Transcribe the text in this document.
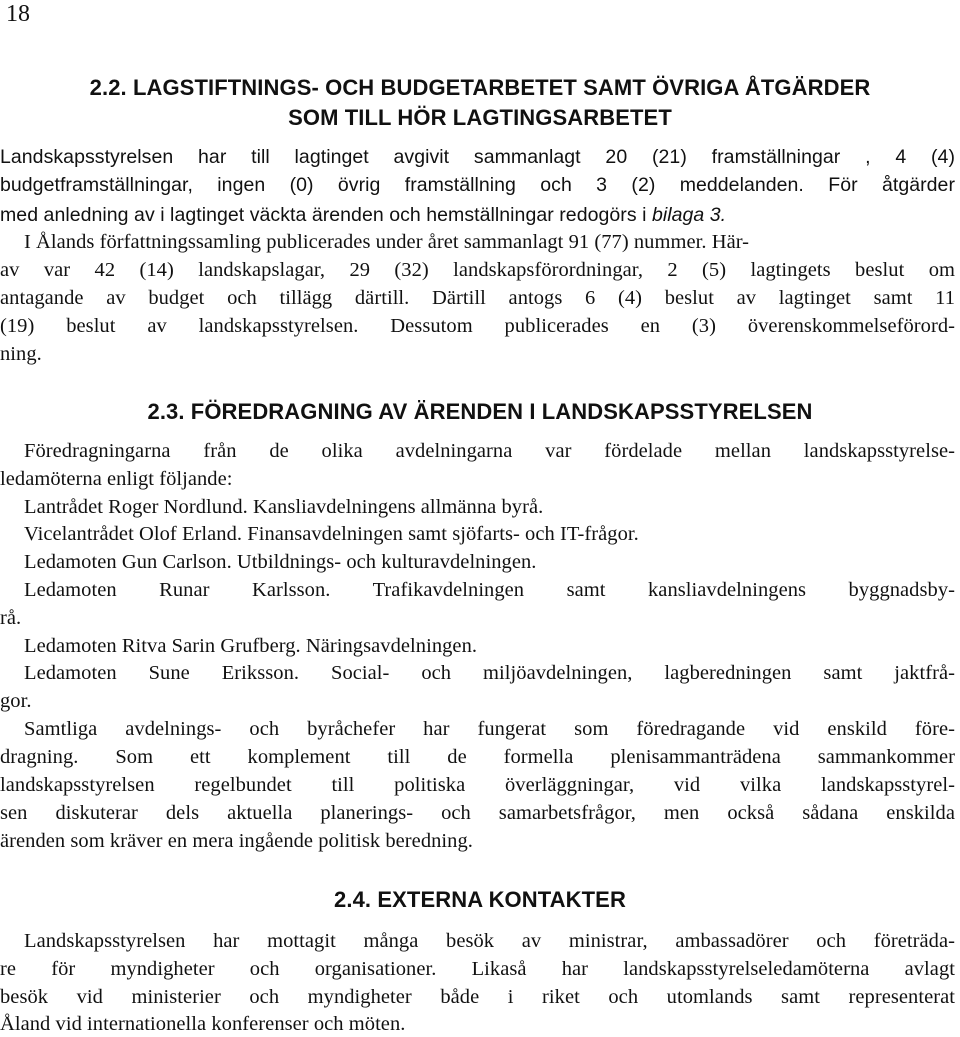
18
2.2. LAGSTIFTNINGS- OCH BUDGETARBETET SAMT ÖVRIGA ÅTGÄRDER
SOM TILL HÖR LAGTINGSARBETET
Landskapsstyrelsen har till lagtinget avgivit sammanlagt 20 (21) framställningar , 4 (4)
budgetframställningar, ingen (0) övrig framställning och 3 (2) meddelanden. För åtgärder
med anledning av i lagtinget väckta ärenden och hemställningar redogörs i bilaga 3.
I Ålands författningssamling publicerades under året sammanlagt 91 (77) nummer. Här-
av var 42 (14) landskapslagar, 29 (32) landskapsförordningar, 2 (5) lagtingets beslut om
antagande av budget och tillägg därtill. Därtill antogs 6 (4) beslut av lagtinget samt 11
(19) beslut av landskapsstyrelsen. Dessutom publicerades en (3) överenskommelseförord-
ning.
2.3. FÖREDRAGNING AV ÄRENDEN I LANDSKAPSSTYRELSEN
Föredragningarna från de olika avdelningarna var fördelade mellan landskapsstyrelse-
ledamöterna enligt följande:
Lantrådet Roger Nordlund. Kansliavdelningens allmänna byrå.
Vicelantrådet Olof Erland. Finansavdelningen samt sjöfarts- och IT-frågor.
Ledamoten Gun Carlson. Utbildnings- och kulturavdelningen.
Ledamoten Runar Karlsson. Trafikavdelningen samt kansliavdelningens byggnadsby-
rå.
Ledamoten Ritva Sarin Grufberg. Näringsavdelningen.
Ledamoten Sune Eriksson. Social- och miljöavdelningen, lagberedningen samt jaktfrå-
gor.
Samtliga avdelnings- och byråchefer har fungerat som föredragande vid enskild före-
dragning. Som ett komplement till de formella plenisammanträdena sammankommer
landskapsstyrelsen regelbundet till politiska överläggningar, vid vilka landskapsstyrel-
sen diskuterar dels aktuella planerings- och samarbetsfrågor, men också sådana enskilda
ärenden som kräver en mera ingående politisk beredning.
2.4. EXTERNA KONTAKTER
Landskapsstyrelsen har mottagit många besök av ministrar, ambassadörer och företräda-
re för myndigheter och organisationer. Likaså har landskapsstyrelseledamöterna avlagt
besök vid ministerier och myndigheter både i riket och utomlands samt representerat
Åland vid internationella konferenser och möten.
